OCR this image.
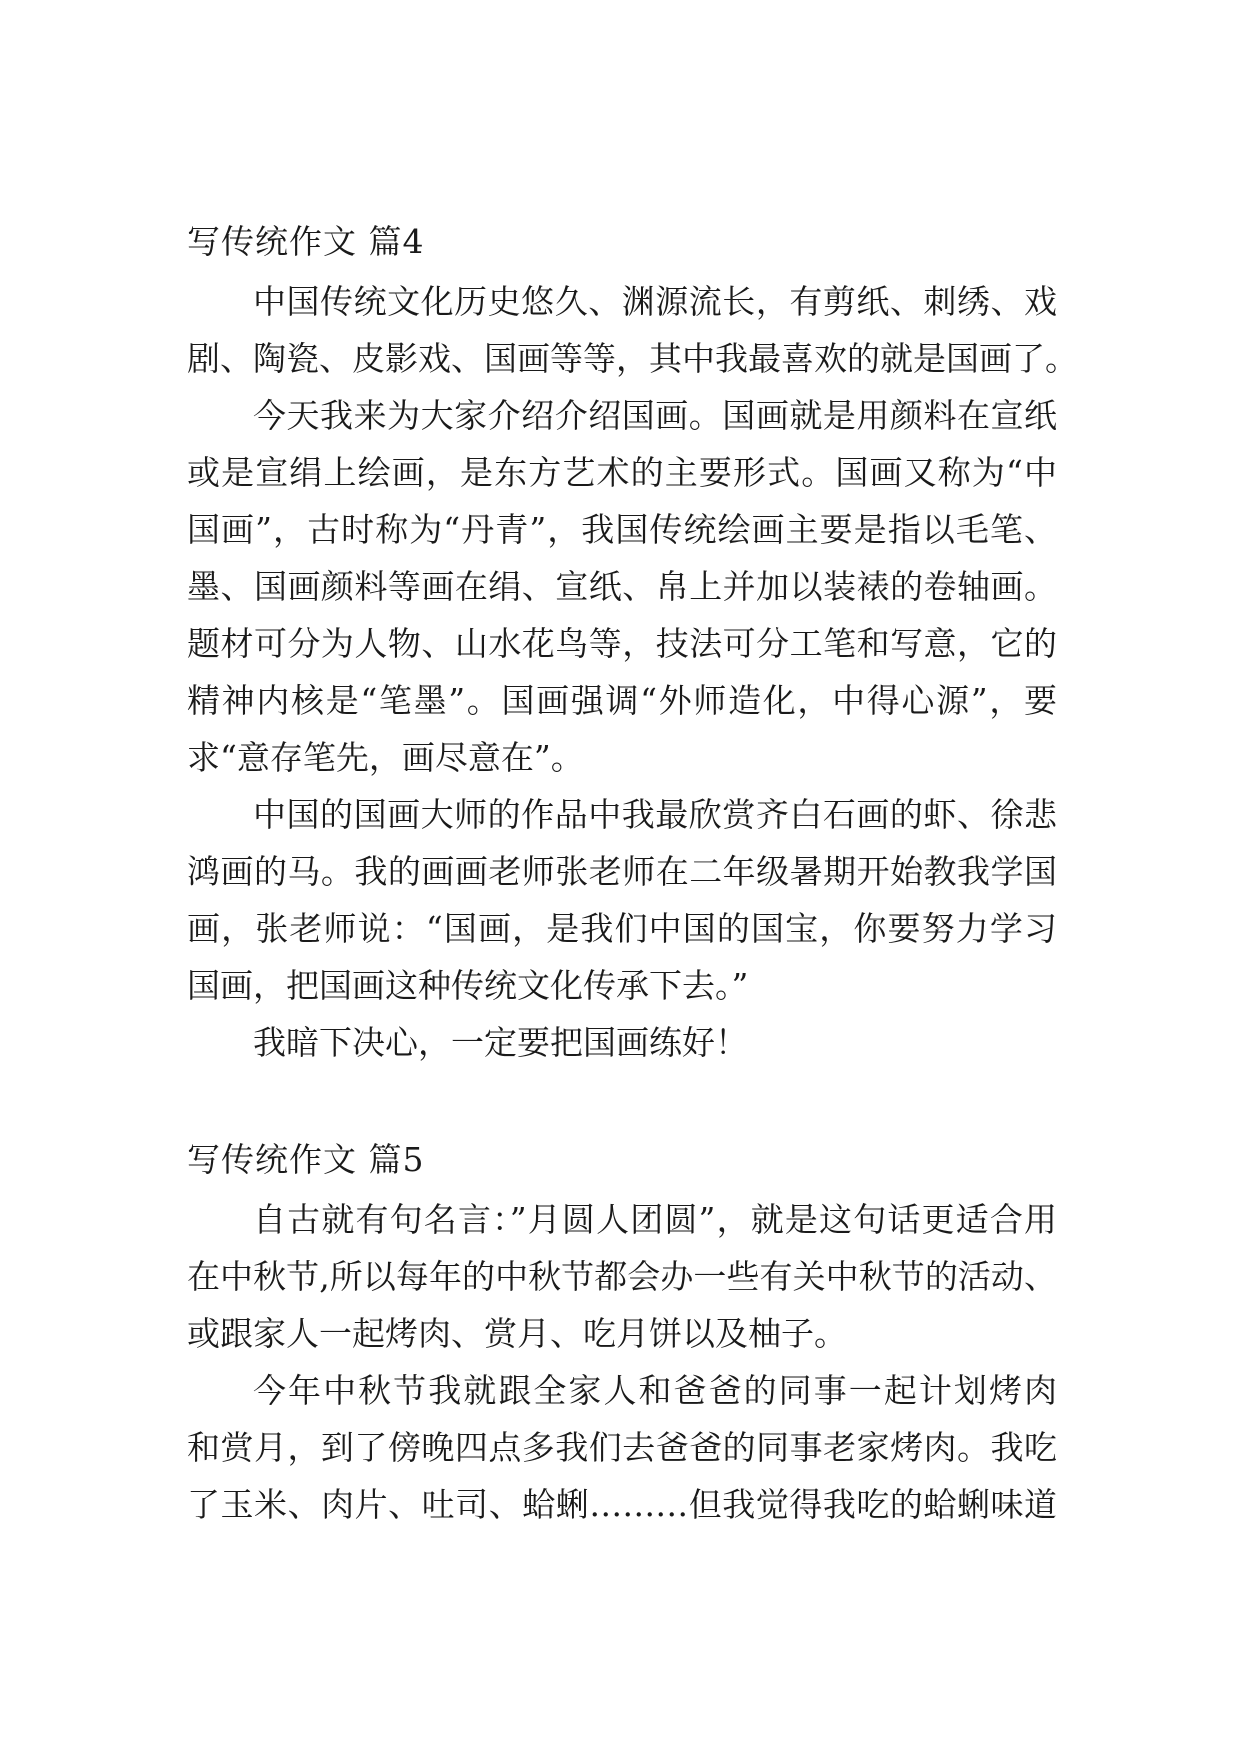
写传统作文 篇4
中国传统文化历史悠久、渊源流长，有剪纸、刺绣、戏
剧、陶瓷、皮影戏、国画等等，其中我最喜欢的就是国画了。
今天我来为大家介绍介绍国画。国画就是用颜料在宣纸
或是宣绢上绘画，是东方艺术的主要形式。国画又称为“中
国画”，古时称为“丹青”，我国传统绘画主要是指以毛笔、
墨、国画颜料等画在绢、宣纸、帛上并加以装裱的卷轴画。
题材可分为人物、山水花鸟等，技法可分工笔和写意，它的
精神内核是“笔墨”。国画强调“外师造化，中得心源”，要
求“意存笔先，画尽意在”。
中国的国画大师的作品中我最欣赏齐白石画的虾、徐悲
鸿画的马。我的画画老师张老师在二年级暑期开始教我学国
画，张老师说：“国画，是我们中国的国宝，你要努力学习
国画，把国画这种传统文化传承下去。”
我暗下决心，一定要把国画练好！
写传统作文 篇5
自古就有句名言：”月圆人团圆”，就是这句话更适合用
在中秋节,所以每年的中秋节都会办一些有关中秋节的活动、
或跟家人一起烤肉、赏月、吃月饼以及柚子。
今年中秋节我就跟全家人和爸爸的同事一起计划烤肉
和赏月，到了傍晚四点多我们去爸爸的同事老家烤肉。我吃
了玉米、肉片、吐司、蛤蜊………但我觉得我吃的蛤蜊味道
